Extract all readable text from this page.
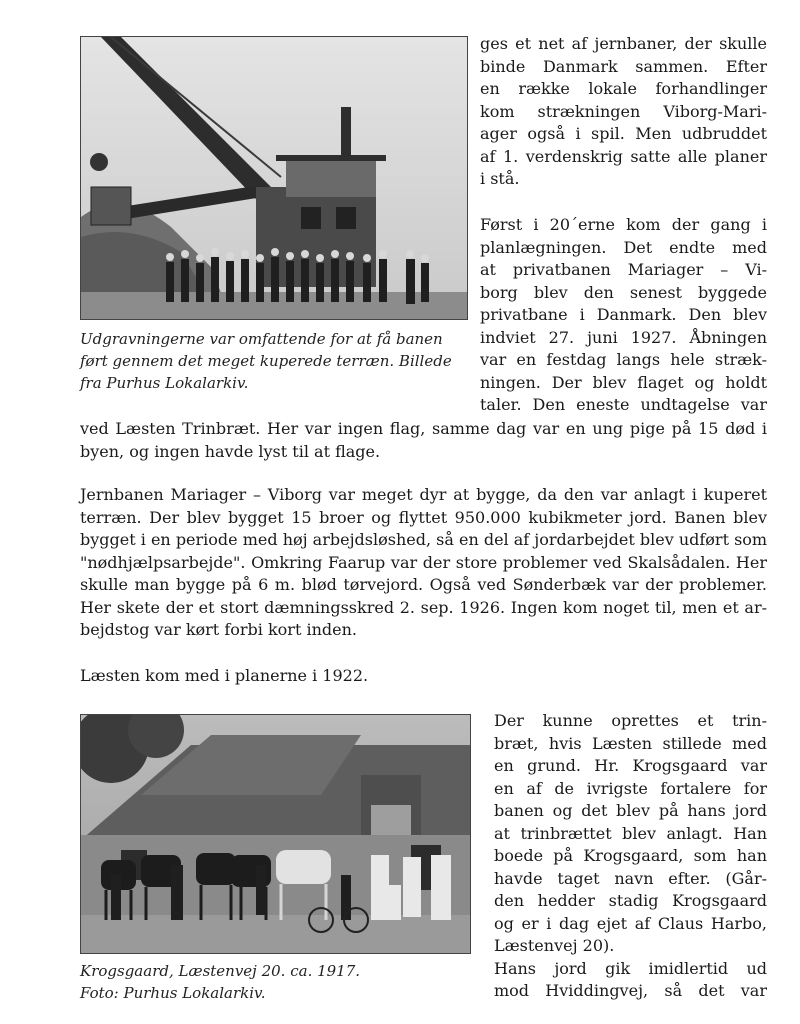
Udgravningerne var omfattende for at få banen
ført gennem det meget kuperede terræn. Billede
fra Purhus Lokalarkiv.
ges et net af jernbaner, der skulle
binde Danmark sammen. Efter
en række lokale forhandlinger
kom strækningen Viborg-Mari-
ager også i spil. Men udbruddet
af 1. verdenskrig satte alle planer
i stå.
Først i 20´erne kom der gang i
planlægningen. Det endte med
at privatbanen Mariager – Vi-
borg blev den senest byggede
privatbane i Danmark. Den blev
indviet 27. juni 1927. Åbningen
var en festdag langs hele stræk-
ningen. Der blev flaget og holdt
taler. Den eneste undtagelse var
ved Læsten Trinbræt. Her var ingen flag, samme dag var en ung pige på 15 død i
byen, og ingen havde lyst til at flage.
Jernbanen Mariager – Viborg var meget dyr at bygge, da den var anlagt i kuperet
terræn. Der blev bygget 15 broer og flyttet 950.000 kubikmeter jord. Banen blev
bygget i en periode med høj arbejdsløshed, så en del af jordarbejdet blev udført som
"nødhjælpsarbejde". Omkring Faarup var der store problemer ved Skalsådalen. Her
skulle man bygge på 6 m. blød tørvejord. Også ved Sønderbæk var der problemer.
Her skete der et stort dæmningsskred 2. sep. 1926. Ingen kom noget til, men et ar-
bejdstog var kørt forbi kort inden.
Læsten kom med i planerne i 1922.
Krogsgaard, Læstenvej 20. ca. 1917.
Foto: Purhus Lokalarkiv.
Der kunne oprettes et trin-
bræt, hvis Læsten stillede med
en grund. Hr. Krogsgaard var
en af de ivrigste fortalere for
banen og det blev på hans jord
at trinbrættet blev anlagt. Han
boede på Krogsgaard, som han
havde taget navn efter. (Går-
den hedder stadig Krogsgaard
og er i dag ejet af Claus Harbo,
Læstenvej 20).
Hans jord gik imidlertid ud
mod Hviddingvej, så det var
